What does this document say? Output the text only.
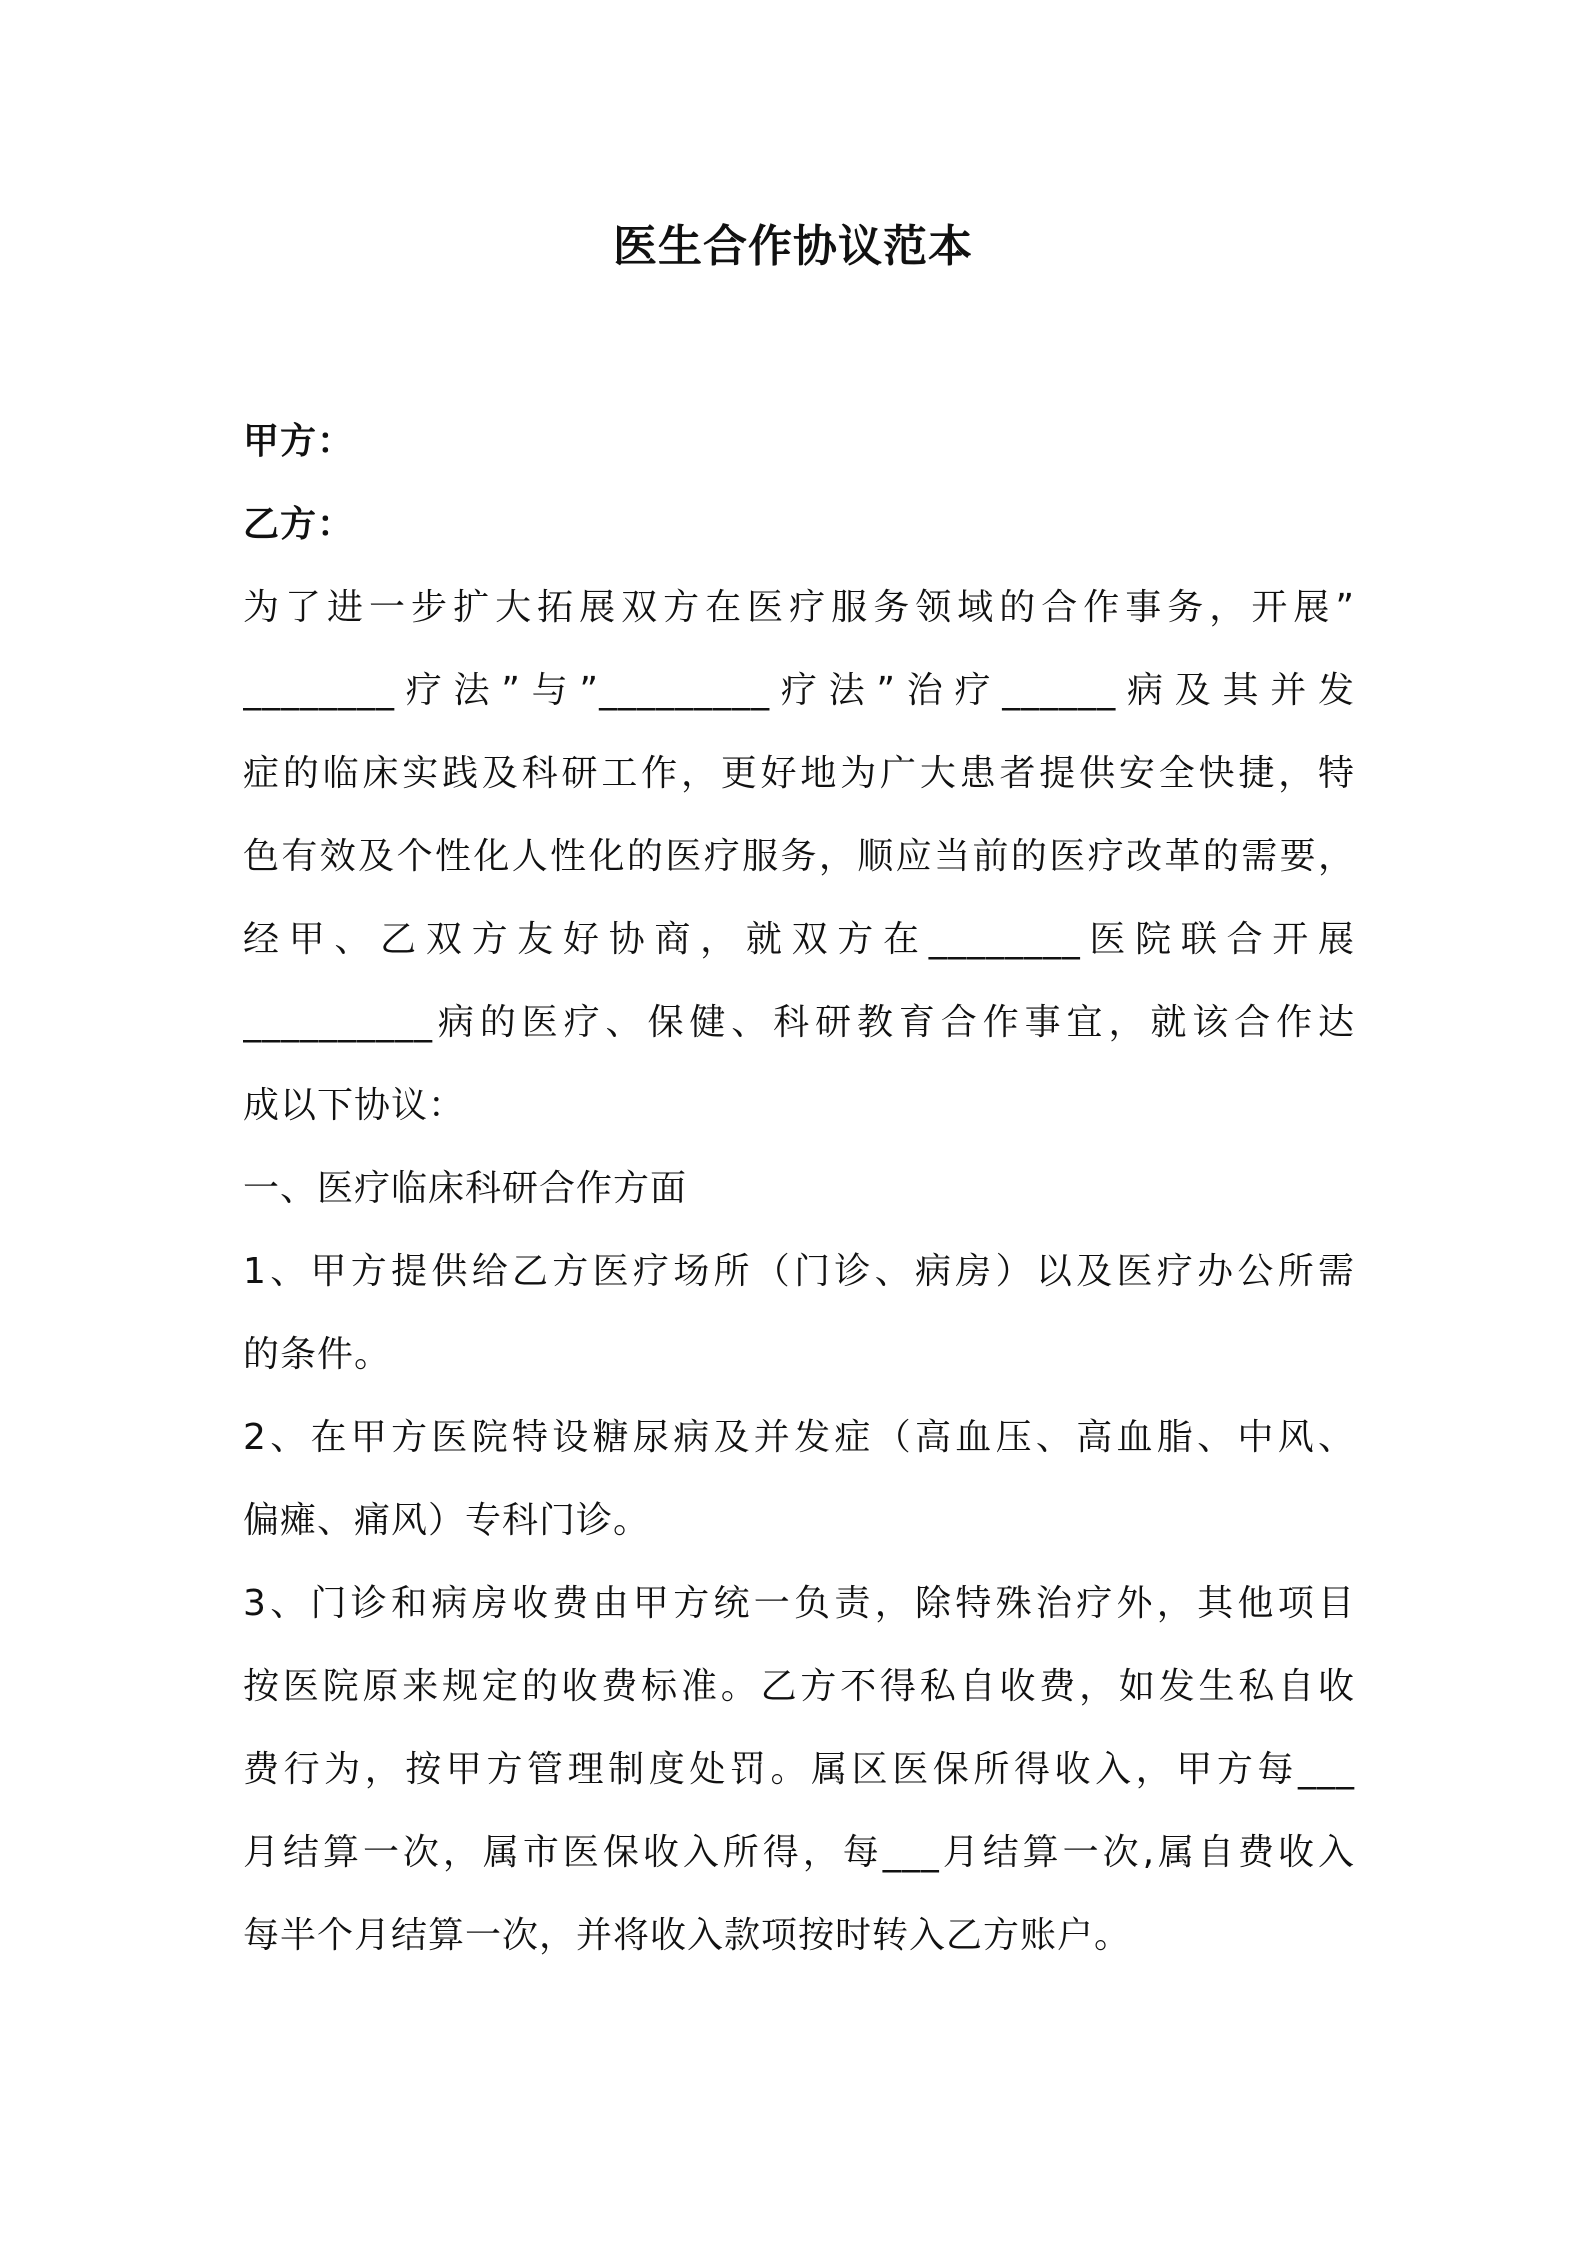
医生合作协议范本
甲方：
乙方：
为了进一步扩大拓展双方在医疗服务领域的合作事务，开展”
________疗法”与”_________疗法”治疗______病及其并发
症的临床实践及科研工作，更好地为广大患者提供安全快捷，特
色有效及个性化人性化的医疗服务，顺应当前的医疗改革的需要，
经甲、乙双方友好协商，就双方在________医院联合开展
__________病的医疗、保健、科研教育合作事宜，就该合作达
成以下协议：
一、医疗临床科研合作方面
1、甲方提供给乙方医疗场所（门诊、病房）以及医疗办公所需
的条件。
2、在甲方医院特设糖尿病及并发症（高血压、高血脂、中风、
偏瘫、痛风）专科门诊。
3、门诊和病房收费由甲方统一负责，除特殊治疗外，其他项目
按医院原来规定的收费标准。乙方不得私自收费，如发生私自收
费行为，按甲方管理制度处罚。属区医保所得收入，甲方每___
月结算一次，属市医保收入所得，每___月结算一次,属自费收入
每半个月结算一次，并将收入款项按时转入乙方账户。
